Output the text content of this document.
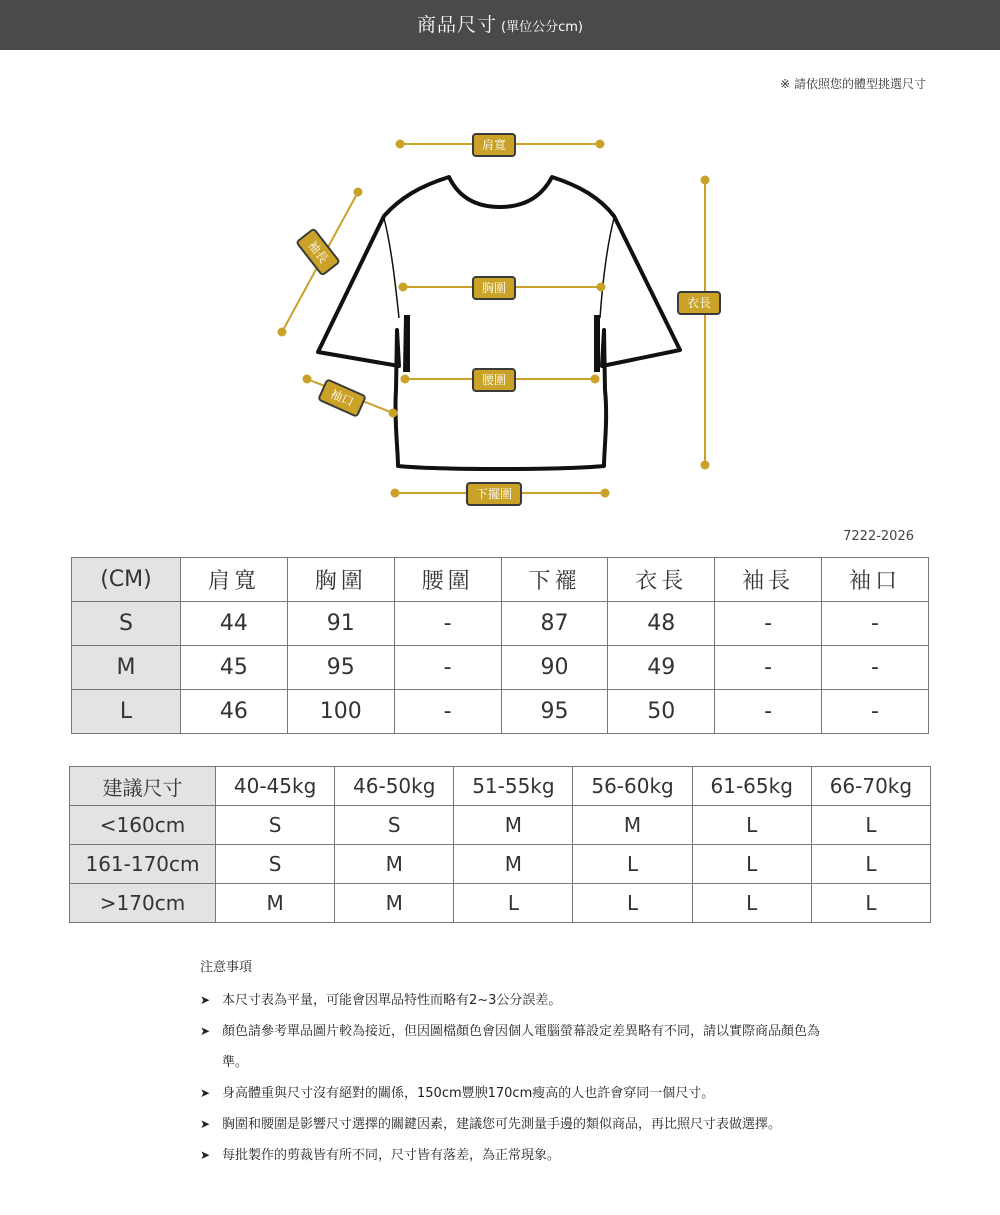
商品尺寸 (單位公分cm)
※ 請依照您的體型挑選尺寸
肩寬
袖長
胸圍
衣長
腰圍
袖口
下擺圍
7222-2026
(CM)	肩寬	胸圍	腰圍	下襬	衣長	袖長	袖口
S	44	91	-	87	48	-	-
M	45	95	-	90	49	-	-
L	46	100	-	95	50	-	-
建議尺寸	40-45kg	46-50kg	51-55kg	56-60kg	61-65kg	66-70kg
<160cm	S	S	M	M	L	L
161-170cm	S	M	M	L	L	L
>170cm	M	M	L	L	L	L
注意事項
➤ 本尺寸表為平量，可能會因單品特性而略有2~3公分誤差。
➤ 顏色請參考單品圖片較為接近，但因圖檔顏色會因個人電腦螢幕設定差異略有不同，請以實際商品顏色為準。
➤ 身高體重與尺寸沒有絕對的關係，150cm豐腴170cm瘦高的人也許會穿同一個尺寸。
➤ 胸圍和腰圍是影響尺寸選擇的關鍵因素，建議您可先測量手邊的類似商品，再比照尺寸表做選擇。
➤ 每批製作的剪裁皆有所不同，尺寸皆有落差，為正常現象。
